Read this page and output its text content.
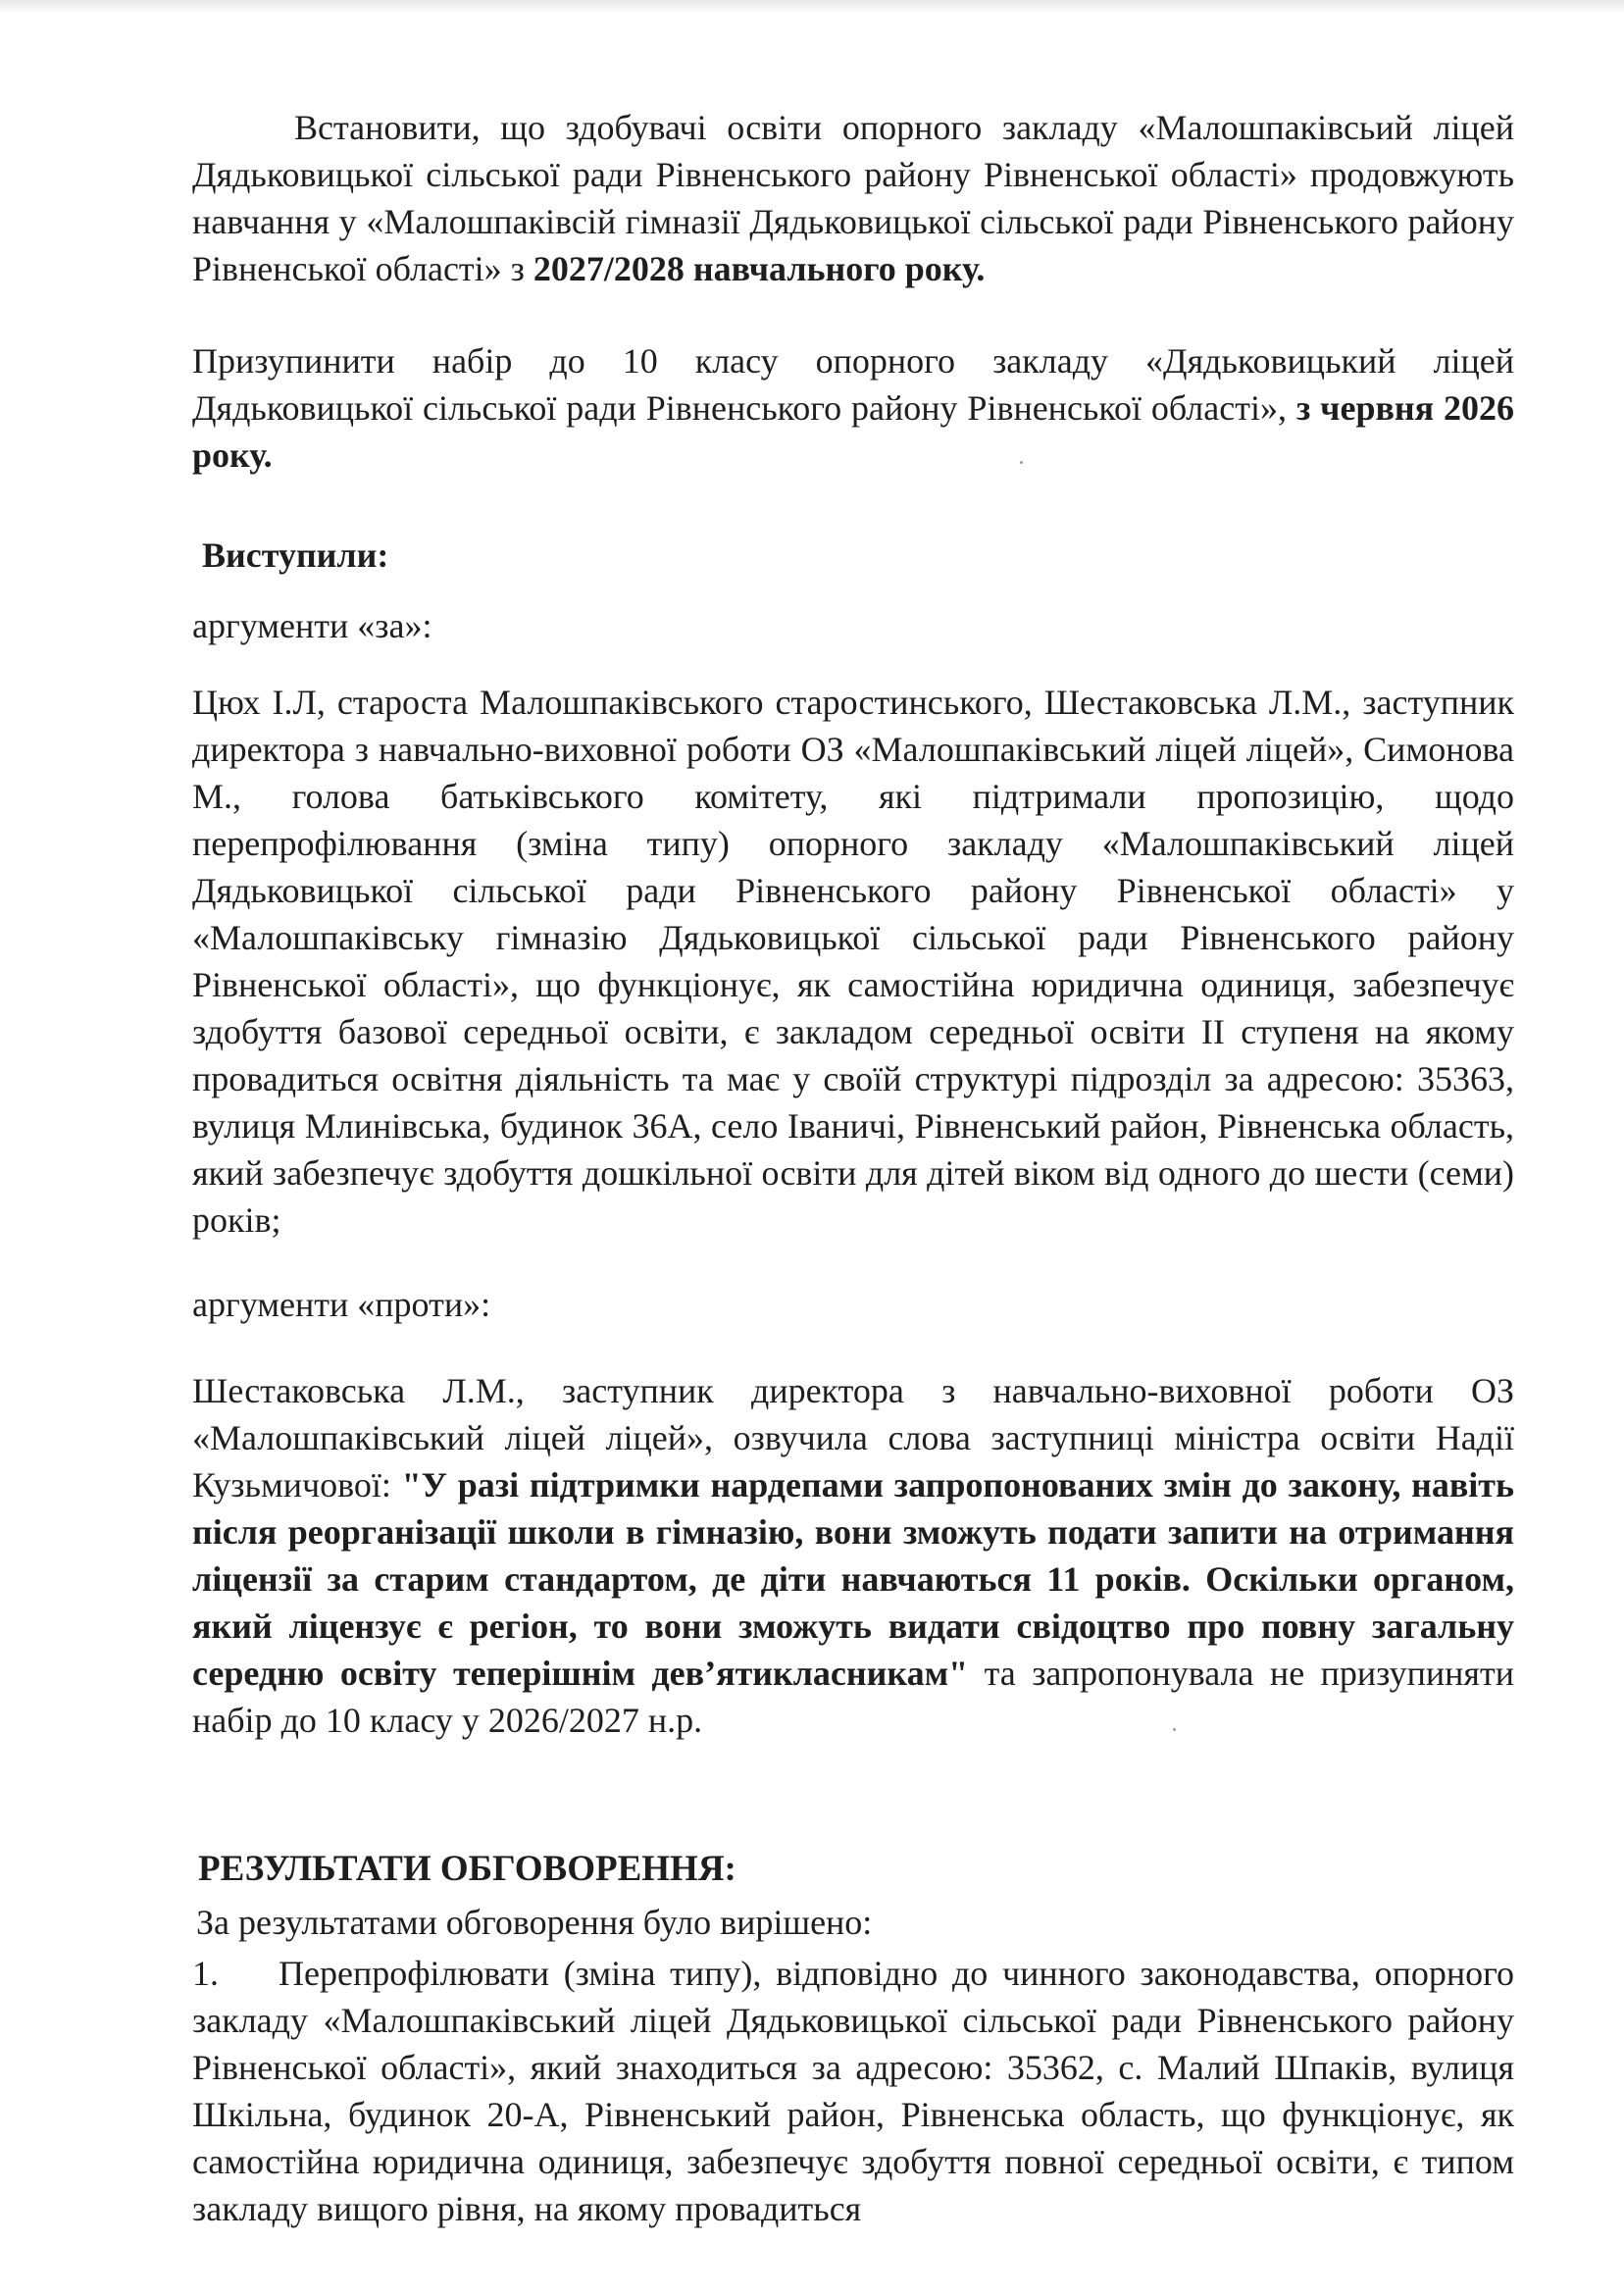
Встановити, що здобувачі освіти опорного закладу «Малошпаківсьий ліцей Дядьковицької сільської ради Рівненського району Рівненської області» продовжують навчання у «Малошпаківсій гімназії Дядьковицької сільської ради Рівненського району Рівненської області» з 2027/2028 навчального року.

Призупинити набір до 10 класу опорного закладу «Дядьковицький ліцей Дядьковицької сільської ради Рівненського району Рівненської області», з червня 2026 року.

Виступили:

аргументи «за»:

Цюх І.Л, староста Малошпаківського старостинського, Шестаковська Л.М., заступник директора з навчально-виховної роботи ОЗ «Малошпаківський ліцей ліцей», Симонова М., голова батьківського комітету, які підтримали пропозицію, щодо перепрофілювання (зміна типу) опорного закладу «Малошпаківський ліцей Дядьковицької сільської ради Рівненського району Рівненської області» у «Малошпаківську гімназію Дядьковицької сільської ради Рівненського району Рівненської області», що функціонує, як самостійна юридична одиниця, забезпечує здобуття базової середньої освіти, є закладом середньої освіти ІІ ступеня на якому провадиться освітня діяльність та має у своїй структурі підрозділ за адресою: 35363, вулиця Млинівська, будинок 36А, село Іваничі, Рівненський район, Рівненська область, який забезпечує здобуття дошкільної освіти для дітей віком від одного до шести (семи) років;

аргументи «проти»:

Шестаковська Л.М., заступник директора з навчально-виховної роботи ОЗ «Малошпаківський ліцей ліцей», озвучила слова заступниці міністра освіти Надії Кузьмичової: "У разі підтримки нардепами запропонованих змін до закону, навіть після реорганізації школи в гімназію, вони зможуть подати запити на отримання ліцензії за старим стандартом, де діти навчаються 11 років. Оскільки органом, який ліцензує є регіон, то вони зможуть видати свідоцтво про повну загальну середню освіту теперішнім дев’ятикласникам" та запропонувала не призупиняти набір до 10 класу у 2026/2027 н.р.

РЕЗУЛЬТАТИ ОБГОВОРЕННЯ:

За результатами обговорення було вирішено:

1. Перепрофілювати (зміна типу), відповідно до чинного законодавства, опорного закладу «Малошпаківський ліцей Дядьковицької сільської ради Рівненського району Рівненської області», який знаходиться за адресою: 35362, с. Малий Шпаків, вулиця Шкільна, будинок 20-А, Рівненський район, Рівненська область, що функціонує, як самостійна юридична одиниця, забезпечує здобуття повної середньої освіти, є типом закладу вищого рівня, на якому провадиться
